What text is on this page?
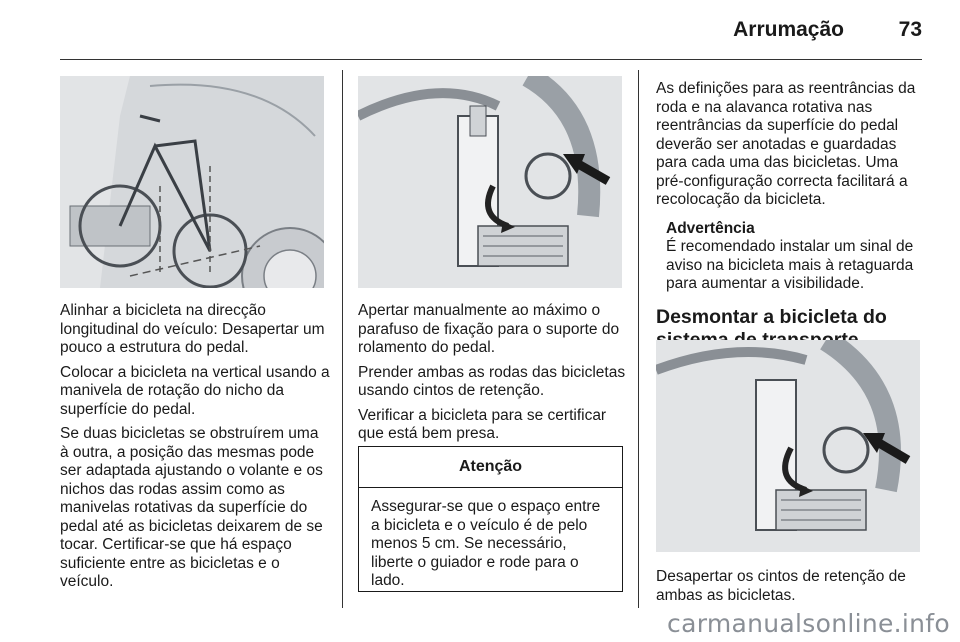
Arrumação	73

Alinhar a bicicleta na direcção longitudinal do veículo: Desapertar um pouco a estrutura do pedal.

Colocar a bicicleta na vertical usando a manivela de rotação do nicho da superfície do pedal.

Se duas bicicletas se obstruírem uma à outra, a posição das mesmas pode ser adaptada ajustando o volante e os nichos das rodas assim como as manivelas rotativas da superfície do pedal até as bicicletas deixarem de se tocar. Certificar-se que há espaço suficiente entre as bicicletas e o veículo.

Apertar manualmente ao máximo o parafuso de fixação para o suporte do rolamento do pedal.

Prender ambas as rodas das bicicletas usando cintos de retenção.

Verificar a bicicleta para se certificar que está bem presa.

Atenção
Assegurar-se que o espaço entre a bicicleta e o veículo é de pelo menos 5 cm. Se necessário, liberte o guiador e rode para o lado.

As definições para as reentrâncias da roda e na alavanca rotativa nas reentrâncias da superfície do pedal deverão ser anotadas e guardadas para cada uma das bicicletas. Uma pré-configuração correcta facilitará a recolocação da bicicleta.

Advertência
É recomendado instalar um sinal de aviso na bicicleta mais à retaguarda para aumentar a visibilidade.
Desmontar a bicicleta do

Desapertar os cintos de retenção de ambas as bicicletas.

carmanualsonline.info
